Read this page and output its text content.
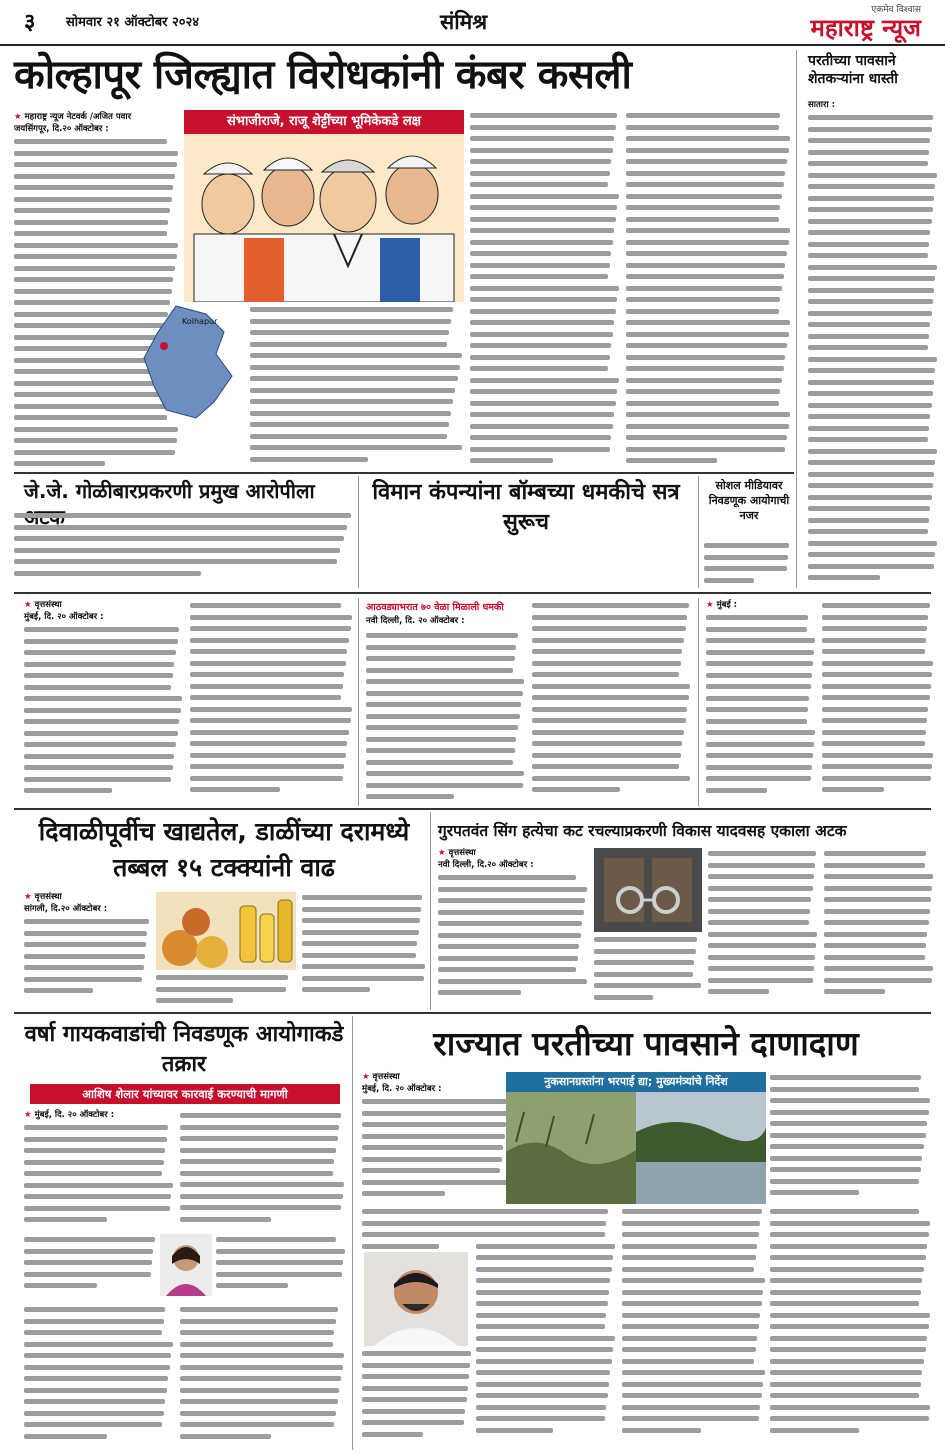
३ सोमवार २१ ऑक्टोबर २०२४	संमिश्र	एकमेव विश्वास
महाराष्ट्र न्यूज
कोल्हापूर जिल्ह्यात विरोधकांनी कंबर कसली
★ महाराष्ट्र न्यूज नेटवर्क /अजित पवार
जयसिंगपूर, दि.२० ऑक्टोबर :	संभाजीराजे, राजू शेट्टींच्या भूमिकेकडे लक्ष
Kolhapur
परतीच्या पावसाने शेतकऱ्यांना धास्ती
सातारा :
जे.जे. गोळीबारप्रकरणी प्रमुख आरोपीला	विमान कंपन्यांना बॉम्बच्या धमकीचे सत्र सुरूच
सोशल मीडियावर निवडणूक आयोगाची नजर
★ वृत्तसंस्था
मुंबई, दि. २० ऑक्टोबर :
आठवड्याभरात ७० वेळा मिळाली धमकी
नवी दिल्ली, दि. २० ऑक्टोबर :
★ मुंबई :
दिवाळीपूर्वीच खाद्यतेल, डाळींच्या दरामध्ये तब्बल १५ टक्क्यांनी वाढ
★ वृत्तसंस्था
सांगली, दि.२० ऑक्टोबर :
गुरपतवंत सिंग हत्येचा कट रचल्याप्रकरणी विकास यादवसह एकाला अटक
★ वृत्तसंस्था
नवी दिल्ली, दि.२० ऑक्टोबर :
वर्षा गायकवाडांची निवडणूक आयोगाकडे तक्रार
आशिष शेलार यांच्यावर कारवाई करण्याची मागणी
★ मुंबई, दि. २० ऑक्टोबर :
राज्यात परतीच्या पावसाने दाणादाण
★ वृत्तसंस्था
मुंबई, दि. २० ऑक्टोबर :
नुकसानग्रस्तांना भरपाई द्या; मुख्यमंत्र्यांचे निर्देश
